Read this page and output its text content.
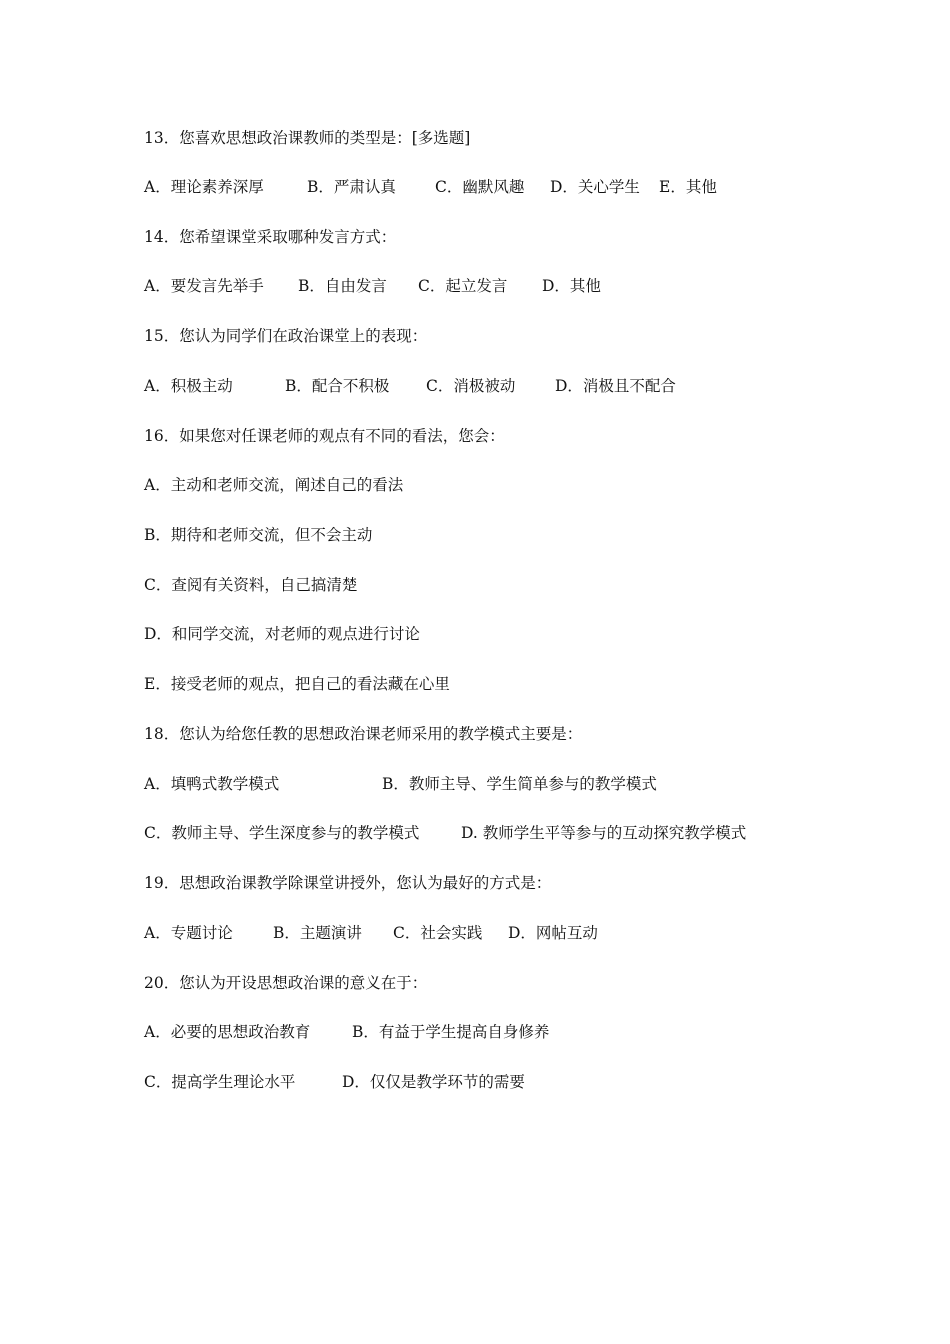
13．您喜欢思想政治课教师的类型是：[多选题]
A．理论素养深厚	B．严肃认真	C．幽默风趣 D．关心学生 E．其他
14．您希望课堂采取哪种发言方式：
A．要发言先举手 B．自由发言 C．起立发言 D．其他
15．您认为同学们在政治课堂上的表现：
A．积极主动	B．配合不积极 C．消极被动	D．消极且不配合
16．如果您对任课老师的观点有不同的看法，您会：
A．主动和老师交流，阐述自己的看法
B．期待和老师交流，但不会主动
C．查阅有关资料，自己搞清楚
D．和同学交流，对老师的观点进行讨论
E．接受老师的观点，把自己的看法藏在心里
18．您认为给您任教的思想政治课老师采用的教学模式主要是：
A．填鸭式教学模式	B．教师主导、学生简单参与的教学模式
C．教师主导、学生深度参与的教学模式	D. 教师学生平等参与的互动探究教学模式
19．思想政治课教学除课堂讲授外，您认为最好的方式是：
A．专题讨论	B．主题演讲 C．社会实践 D．网帖互动
20．您认为开设思想政治课的意义在于：
A．必要的思想政治教育	B．有益于学生提高自身修养
C．提高学生理论水平	D．仅仅是教学环节的需要
